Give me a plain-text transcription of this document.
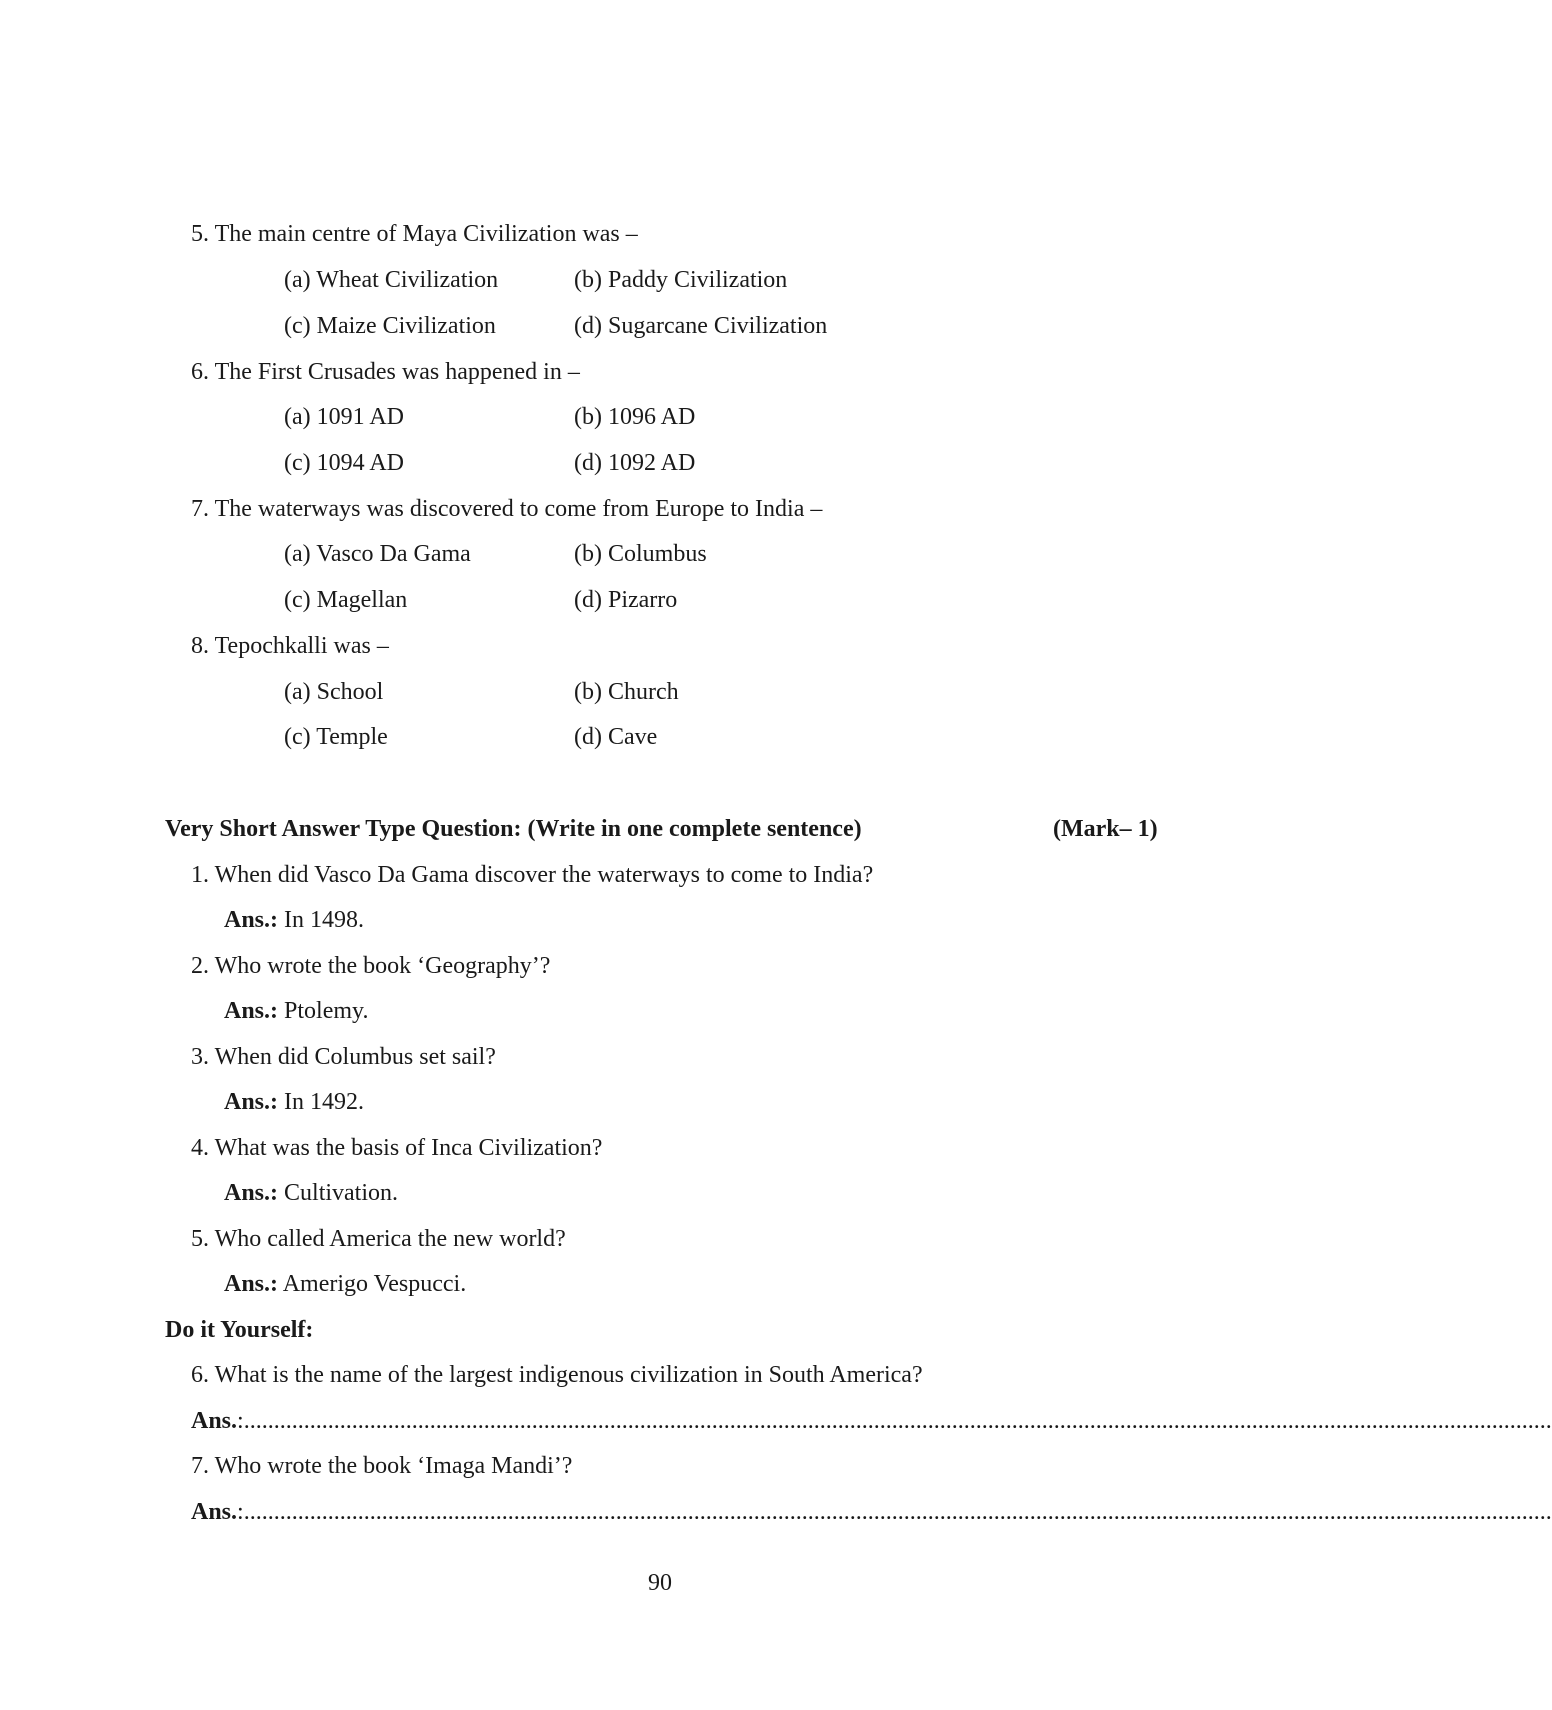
5. The main centre of Maya Civilization was –
(a) Wheat Civilization	(b) Paddy Civilization
(c) Maize Civilization	(d) Sugarcane Civilization
6. The First Crusades was happened in –
(a) 1091 AD	(b) 1096 AD
(c) 1094 AD	(d) 1092 AD
7. The waterways was discovered to come from Europe to India –
(a) Vasco Da Gama	(b) Columbus
(c) Magellan	(d) Pizarro
8. Tepochkalli was –
(a) School	(b) Church
(c) Temple	(d) Cave
Very Short Answer Type Question: (Write in one complete sentence)	(Mark– 1)
1. When did Vasco Da Gama discover the waterways to come to India?
Ans.: In 1498.
2. Who wrote the book ‘Geography’?
Ans.: Ptolemy.
3. When did Columbus set sail?
Ans.: In 1492.
4. What was the basis of Inca Civilization?
Ans.: Cultivation.
5. Who called America the new world?
Ans.: Amerigo Vespucci.
Do it Yourself:
6. What is the name of the largest indigenous civilization in South America?
Ans.:..........................................................................................................................................................................................................................
7. Who wrote the book ‘Imaga Mandi’?
Ans.:..........................................................................................................................................................................................................................
90
